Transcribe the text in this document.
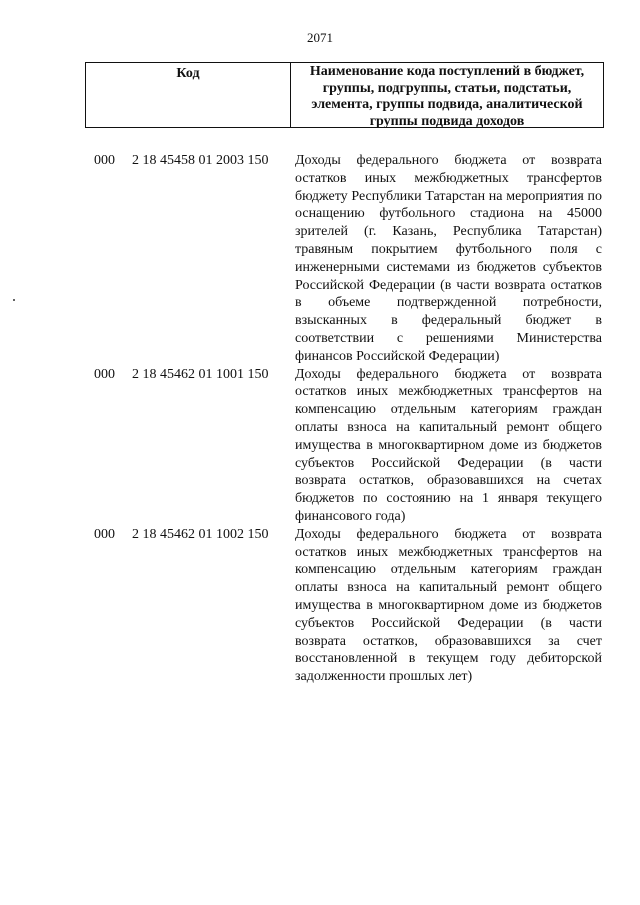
2071
Код	Наименование кода поступлений в бюджет, группы, подгруппы, статьи, подстатьи, элемента, группы подвида, аналитической группы подвида доходов
000 2 18 45458 01 2003 150 Доходы федерального бюджета от возврата остатков иных межбюджетных трансфертов бюджету Республики Татарстан на мероприятия по оснащению футбольного стадиона на 45000 зрителей (г. Казань, Республика Татарстан) травяным покрытием футбольного поля с инженерными системами из бюджетов субъектов Российской Федерации (в части возврата остатков в объеме подтвержденной потребности, взысканных в федеральный бюджет в соответствии с решениями Министерства финансов Российской Федерации)
000 2 18 45462 01 1001 150 Доходы федерального бюджета от возврата остатков иных межбюджетных трансфертов на компенсацию отдельным категориям граждан оплаты взноса на капитальный ремонт общего имущества в многоквартирном доме из бюджетов субъектов Российской Федерации (в части возврата остатков, образовавшихся на счетах бюджетов по состоянию на 1 января текущего финансового года)
000 2 18 45462 01 1002 150 Доходы федерального бюджета от возврата остатков иных межбюджетных трансфертов на компенсацию отдельным категориям граждан оплаты взноса на капитальный ремонт общего имущества в многоквартирном доме из бюджетов субъектов Российской Федерации (в части возврата остатков, образовавшихся за счет восстановленной в текущем году дебиторской задолженности прошлых лет)
